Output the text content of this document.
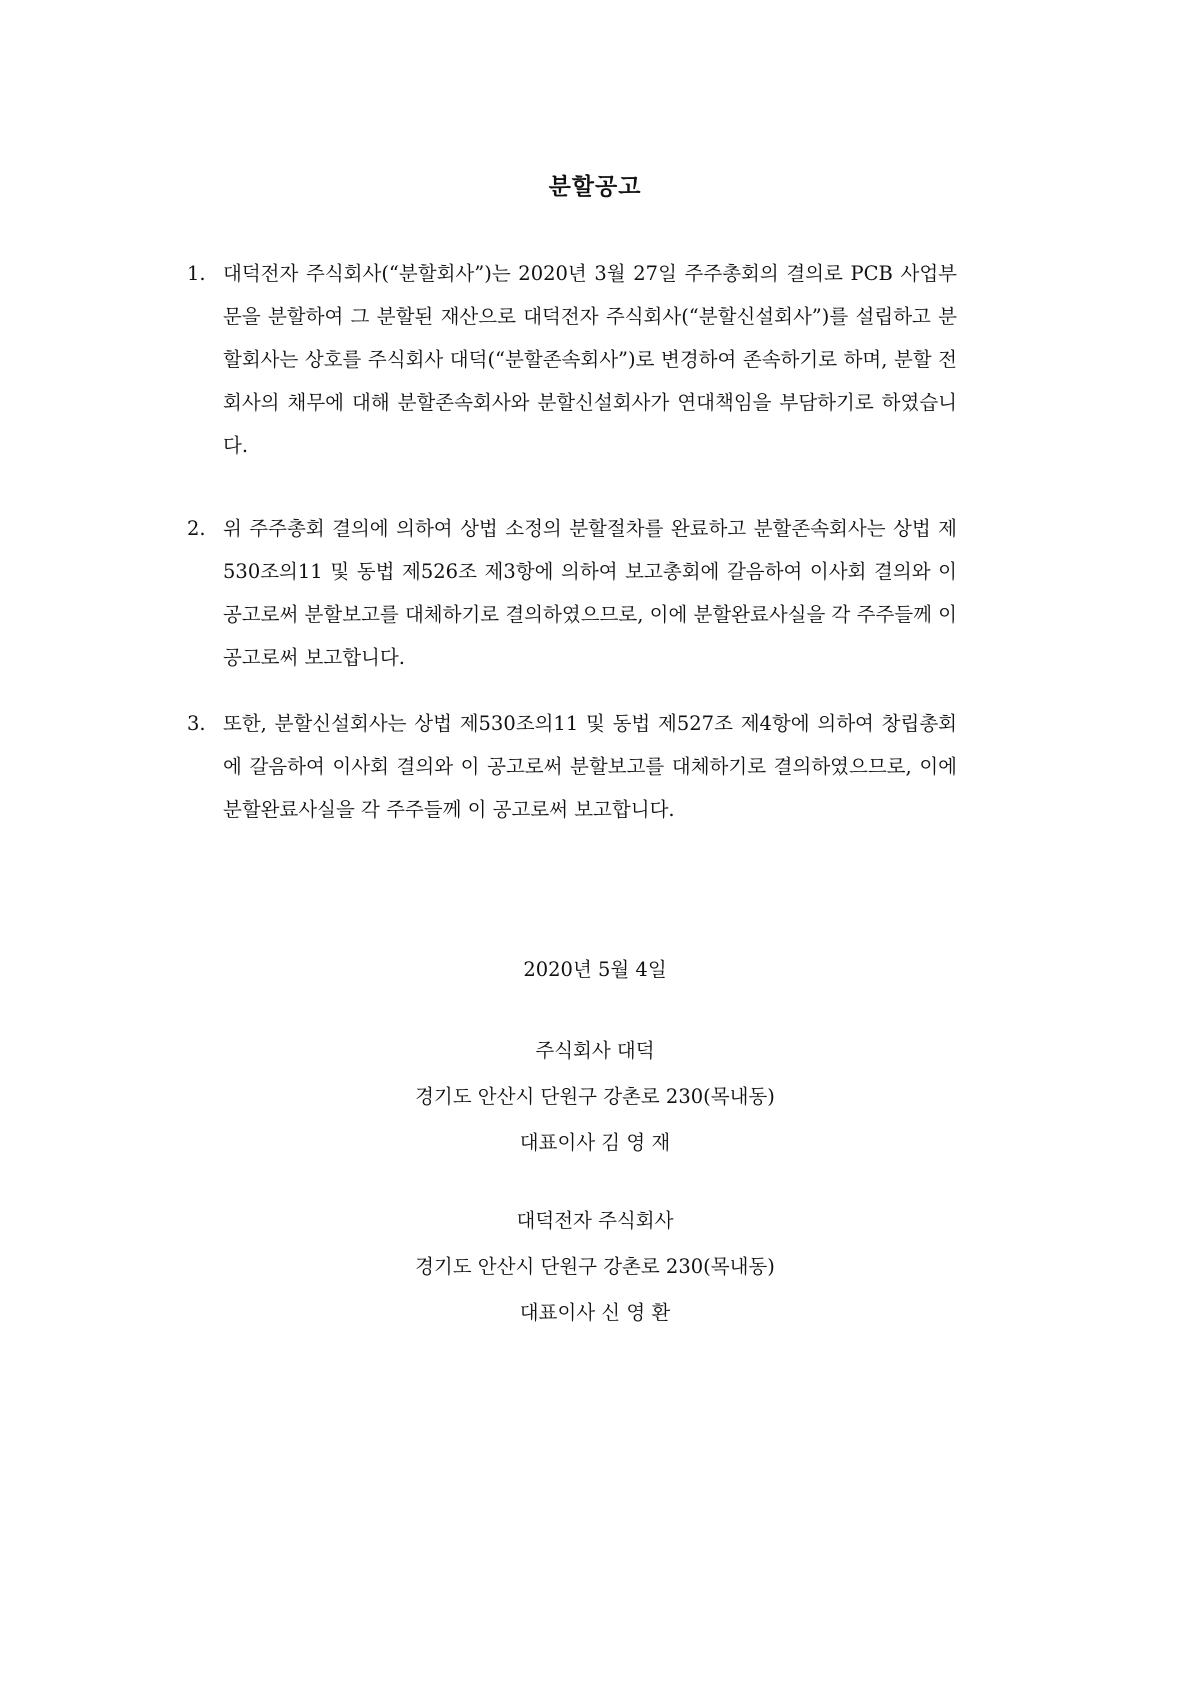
분할공고
1. 대덕전자 주식회사(“분할회사”)는 2020년 3월 27일 주주총회의 결의로 PCB 사업부문을 분할하여 그 분할된 재산으로 대덕전자 주식회사(“분할신설회사”)를 설립하고 분할회사는 상호를 주식회사 대덕(“분할존속회사”)로 변경하여 존속하기로 하며, 분할 전 회사의 채무에 대해 분할존속회사와 분할신설회사가 연대책임을 부담하기로 하였습니다.
2. 위 주주총회 결의에 의하여 상법 소정의 분할절차를 완료하고 분할존속회사는 상법 제530조의11 및 동법 제526조 제3항에 의하여 보고총회에 갈음하여 이사회 결의와 이 공고로써 분할보고를 대체하기로 결의하였으므로, 이에 분할완료사실을 각 주주들께 이 공고로써 보고합니다.
3. 또한, 분할신설회사는 상법 제530조의11 및 동법 제527조 제4항에 의하여 창립총회에 갈음하여 이사회 결의와 이 공고로써 분할보고를 대체하기로 결의하였으므로, 이에 분할완료사실을 각 주주들께 이 공고로써 보고합니다.
2020년 5월 4일
주식회사 대덕
경기도 안산시 단원구 강촌로 230(목내동)
대표이사 김 영 재
대덕전자 주식회사
경기도 안산시 단원구 강촌로 230(목내동)
대표이사 신 영 환
